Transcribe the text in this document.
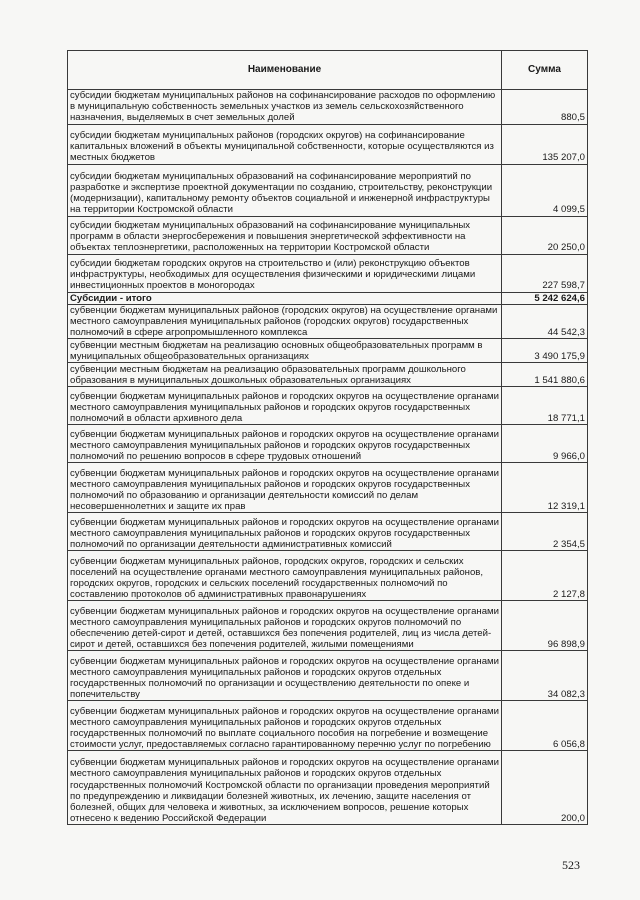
Наименование	Сумма
субсидии бюджетам муниципальных районов на софинансирование расходов по оформлению в муниципальную собственность земельных участков из земель сельскохозяйственного назначения, выделяемых в счет земельных долей	880,5
субсидии бюджетам муниципальных районов (городских округов) на софинансирование капитальных вложений в объекты муниципальной собственности, которые осуществляются из местных бюджетов	135 207,0
субсидии бюджетам муниципальных образований на софинансирование мероприятий по разработке и экспертизе проектной документации по созданию, строительству, реконструкции (модернизации), капитальному ремонту объектов социальной и инженерной инфраструктуры на территории Костромской области	4 099,5
субсидии бюджетам муниципальных образований на софинансирование муниципальных программ в области энергосбережения и повышения энергетической эффективности на объектах теплоэнергетики, расположенных на территории Костромской области	20 250,0
субсидии бюджетам городских округов на строительство и (или) реконструкцию объектов инфраструктуры, необходимых для осуществления физическими и юридическими лицами инвестиционных проектов в моногородах	227 598,7
Субсидии - итого	5 242 624,6
субвенции бюджетам муниципальных районов (городских округов) на осуществление органами местного самоуправления муниципальных районов (городских округов) государственных полномочий в сфере агропромышленного комплекса	44 542,3
субвенции местным бюджетам на реализацию основных общеобразовательных программ в муниципальных общеобразовательных организациях	3 490 175,9
субвенции местным бюджетам на реализацию образовательных программ дошкольного образования в муниципальных дошкольных образовательных организациях	1 541 880,6
субвенции бюджетам муниципальных районов и городских округов на осуществление органами местного самоуправления муниципальных районов и городских округов государственных полномочий в области архивного дела	18 771,1
субвенции бюджетам муниципальных районов и городских округов на осуществление органами местного самоуправления муниципальных районов и городских округов государственных полномочий по решению вопросов в сфере трудовых отношений	9 966,0
субвенции бюджетам муниципальных районов и городских округов на осуществление органами местного самоуправления муниципальных районов и городских округов государственных полномочий по образованию и организации деятельности комиссий по делам несовершеннолетних и защите их прав	12 319,1
субвенции бюджетам муниципальных районов и городских округов на осуществление органами местного самоуправления муниципальных районов и городских округов государственных полномочий по организации деятельности административных комиссий	2 354,5
субвенции бюджетам муниципальных районов, городских округов, городских и сельских поселений на осуществление органами местного самоуправления муниципальных районов, городских округов, городских и сельских поселений государственных полномочий по составлению протоколов об административных правонарушениях	2 127,8
субвенции бюджетам муниципальных районов и городских округов на осуществление органами местного самоуправления муниципальных районов и городских округов полномочий по обеспечению детей-сирот и детей, оставшихся без попечения родителей, лиц из числа детей-сирот и детей, оставшихся без попечения родителей, жилыми помещениями	96 898,9
субвенции бюджетам муниципальных районов и городских округов на осуществление органами местного самоуправления муниципальных районов и городских округов отдельных государственных полномочий по организации и осуществлению деятельности по опеке и попечительству	34 082,3
субвенции бюджетам муниципальных районов и городских округов на осуществление органами местного самоуправления муниципальных районов и городских округов отдельных государственных полномочий по выплате социального пособия на погребение и возмещение стоимости услуг, предоставляемых согласно гарантированному перечню услуг по погребению	6 056,8
субвенции бюджетам муниципальных районов и городских округов на осуществление органами местного самоуправления муниципальных районов и городских округов отдельных государственных полномочий Костромской области по организации проведения мероприятий по предупреждению и ликвидации болезней животных, их лечению, защите населения от болезней, общих для человека и животных, за исключением вопросов, решение которых отнесено к ведению Российской Федерации	200,0
523
